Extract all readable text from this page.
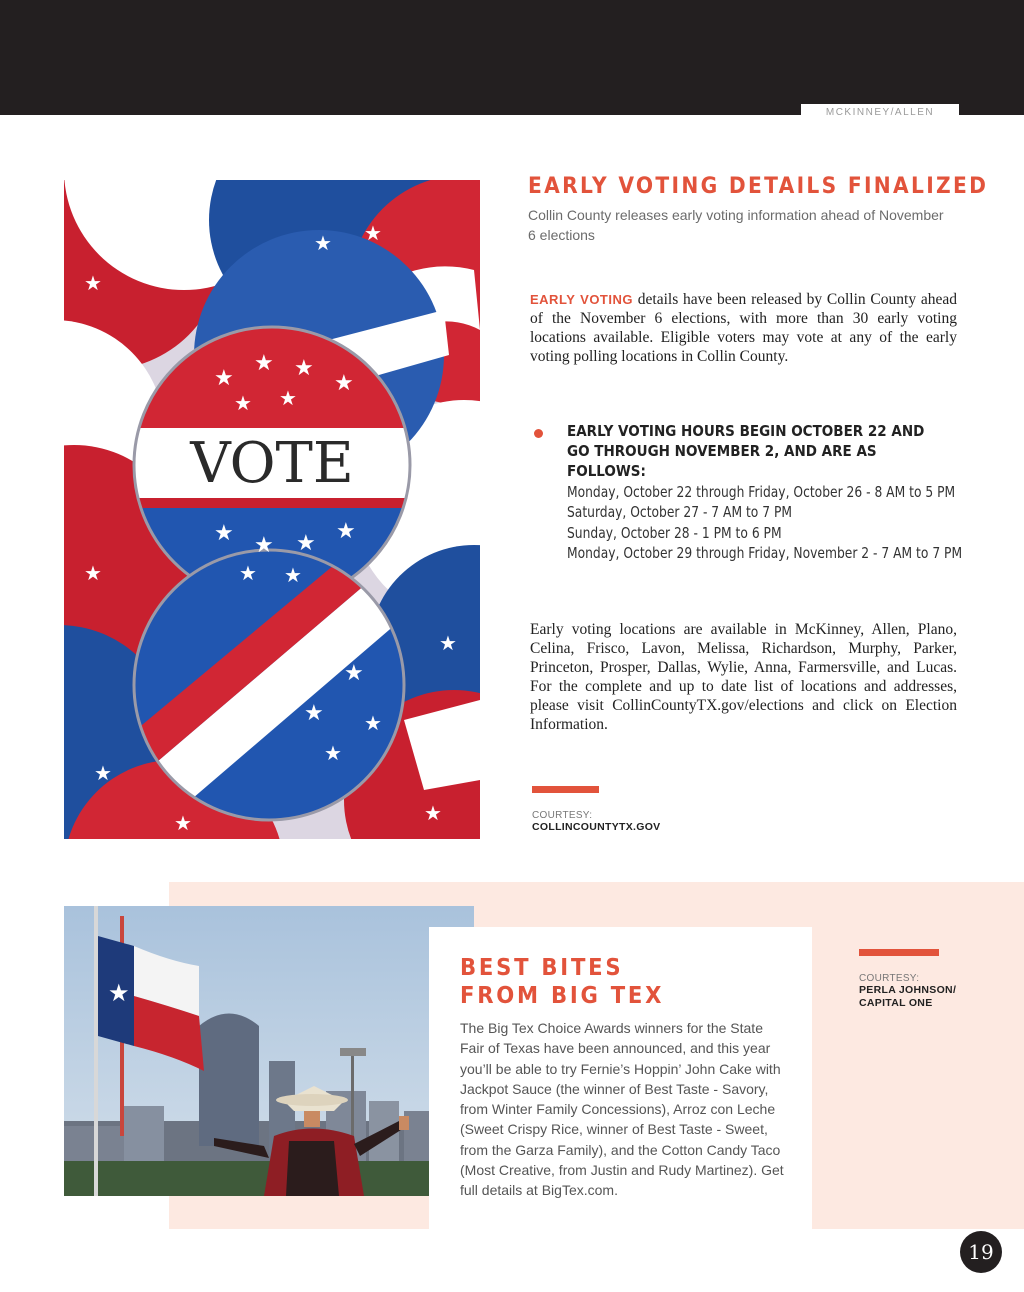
MCKINNEY/ALLEN
VOTE
★
★ ★
★
★ ★
★ ★ ★ ★
★ ★
★
★
★
★
★
★	★ ★
★
★
★
★
★
★
EARLY VOTING DETAILS FINALIZED

Collin County releases early voting information ahead of November 6 elections

EARLY VOTING details have been released by Collin County ahead of the November 6 elections, with more than 30 early voting locations available. Eligible voters may vote at any of the early voting polling locations in Collin County.

EARLY VOTING HOURS BEGIN OCTOBER 22 AND GO THROUGH NOVEMBER 2, AND ARE AS FOLLOWS:
Monday, October 22 through Friday, October 26 - 8 AM to 5 PM
Saturday, October 27 - 7 AM to 7 PM
Sunday, October 28 - 1 PM to 6 PM
Monday, October 29 through Friday, November 2 - 7 AM to 7 PM

Early voting locations are available in McKinney, Allen, Plano, Celina, Frisco, Lavon, Melissa, Richardson, Murphy, Parker, Princeton, Prosper, Dallas, Wylie, Anna, Farmersville, and Lucas. For the complete and up to date list of locations and addresses, please visit CollinCountyTX.gov/elections and click on Election Information.

COURTESY:
COLLINCOUNTYTX.GOV
★
BEST BITES
FROM BIG TEX

The Big Tex Choice Awards winners for the State Fair of Texas have been announced, and this year you’ll be able to try Fernie’s Hoppin’ John Cake with Jackpot Sauce (the winner of Best Taste - Savory, from Winter Family Concessions), Arroz con Leche (Sweet Crispy Rice, winner of Best Taste - Sweet, from the Garza Family), and the Cotton Candy Taco (Most Creative, from Justin and Rudy Martinez). Get full details at BigTex.com.

COURTESY:
PERLA JOHNSON/
CAPITAL ONE
19
